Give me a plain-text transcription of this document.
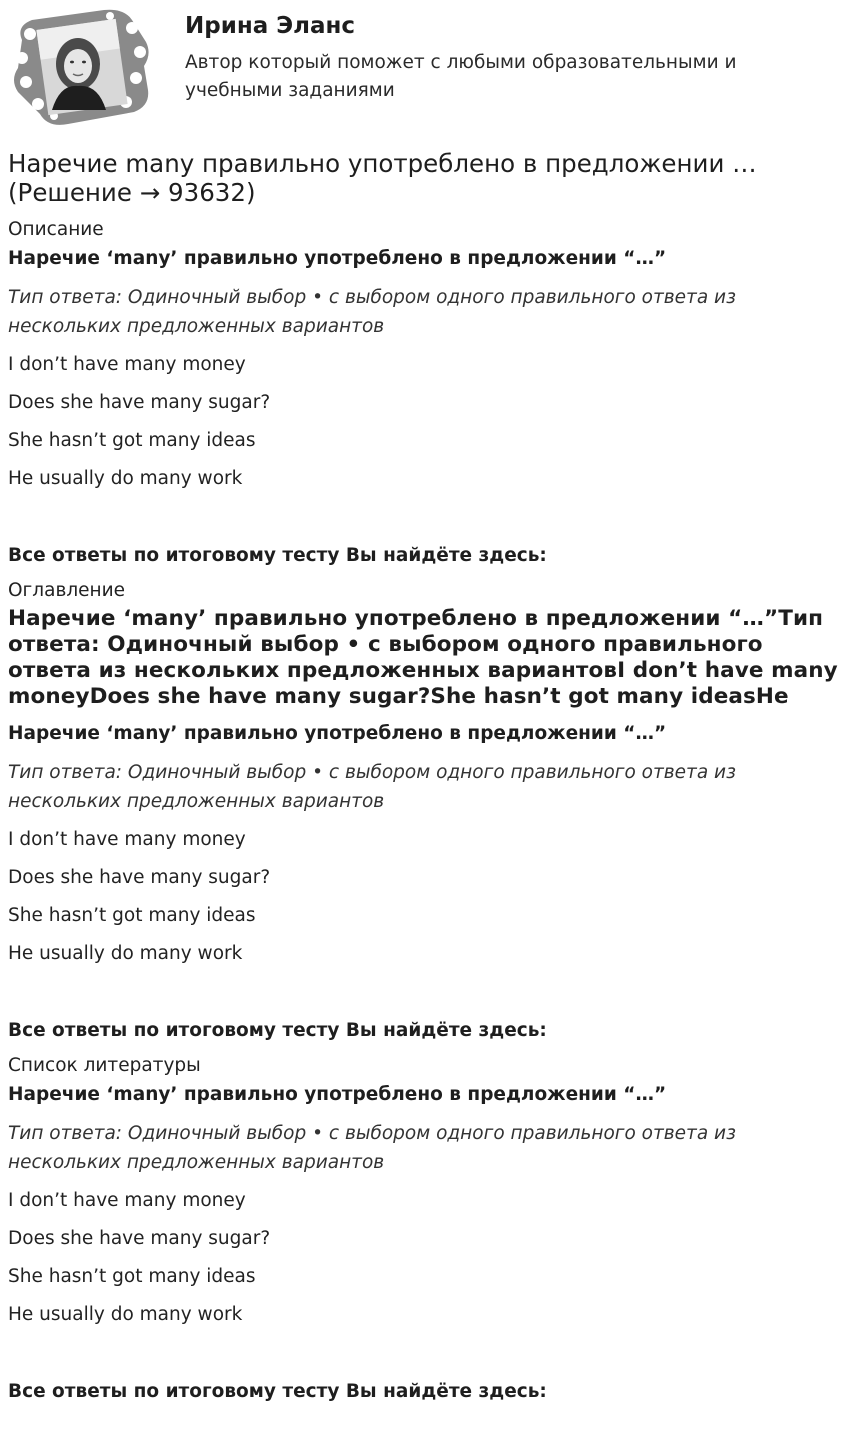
Ирина Эланс

Автор который поможет с любыми образовательными и учебными заданиями

Наречие many правильно употреблено в предложении … (Решение → 93632)

Описание

Наречие ‘many’ правильно употреблено в предложении “…”

Тип ответа: Одиночный выбор • с выбором одного правильного ответа из нескольких предложенных вариантов

I don’t have many money

Does she have many sugar?

She hasn’t got many ideas

He usually do many work

Все ответы по итоговому тесту Вы найдёте здесь:

Оглавление

Наречие ‘many’ правильно употреблено в предложении “…”Тип ответа: Одиночный выбор • с выбором одного правильного ответа из нескольких предложенных вариантовI don’t have many moneyDoes she have many sugar?She hasn’t got many ideasHe

Наречие ‘many’ правильно употреблено в предложении “…”

Тип ответа: Одиночный выбор • с выбором одного правильного ответа из нескольких предложенных вариантов

I don’t have many money

Does she have many sugar?

She hasn’t got many ideas

He usually do many work

Все ответы по итоговому тесту Вы найдёте здесь:

Список литературы

Наречие ‘many’ правильно употреблено в предложении “…”

Тип ответа: Одиночный выбор • с выбором одного правильного ответа из нескольких предложенных вариантов

I don’t have many money

Does she have many sugar?

She hasn’t got many ideas

He usually do many work

Все ответы по итоговому тесту Вы найдёте здесь:
